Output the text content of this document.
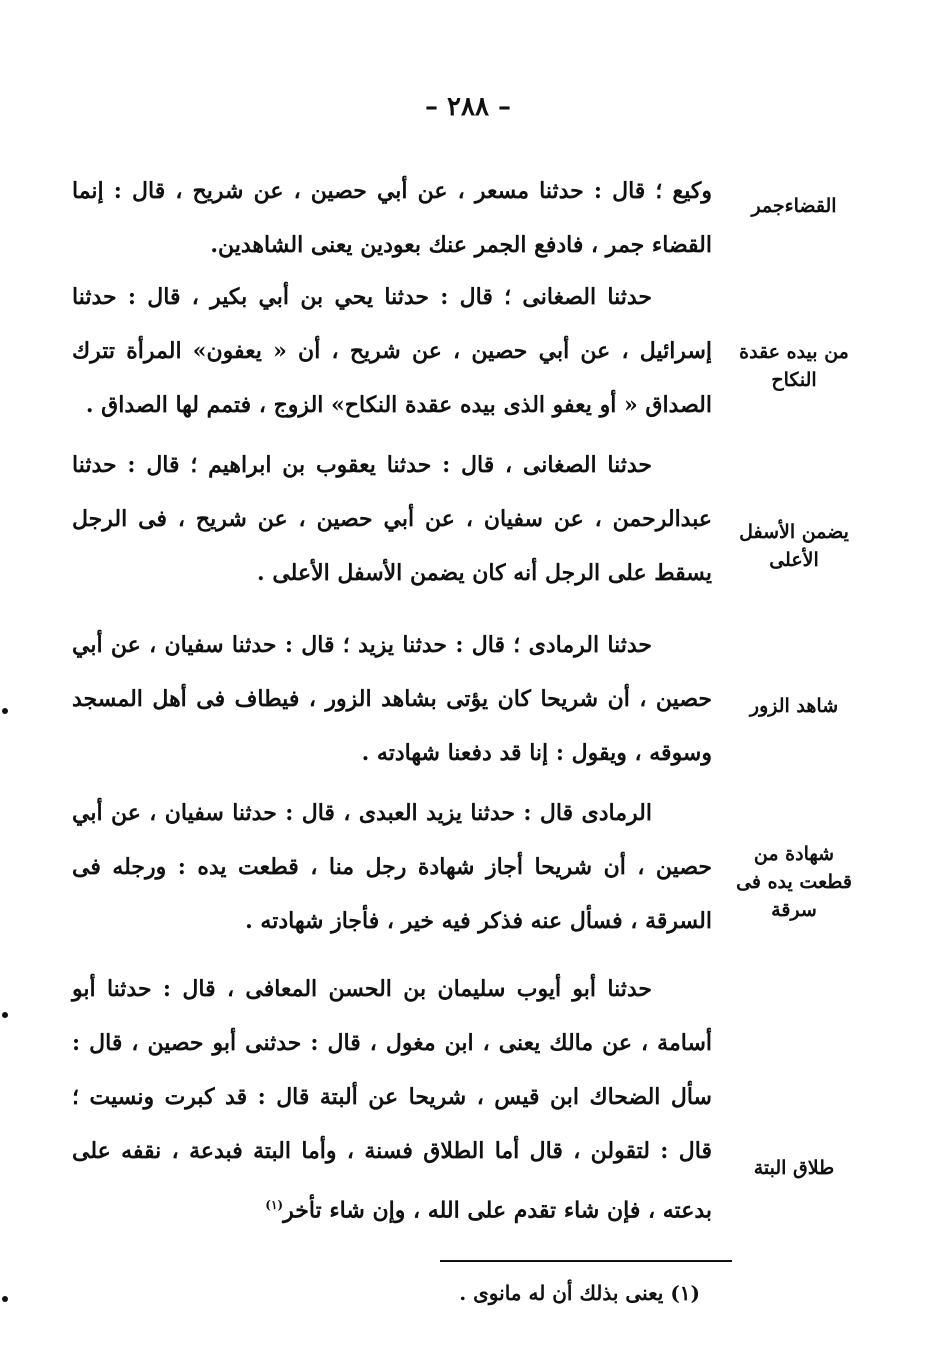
– ٢٨٨ –

وكيع ؛ قال : حدثنا مسعر ، عن أبي حصين ، عن شريح ، قال : إنما القضاء جمر ، فادفع الجمر عنك بعودين يعنى الشاهدين.

القضاءجمر

حدثنا الصغانى ؛ قال : حدثنا يحي بن أبي بكير ، قال : حدثنا إسرائيل ، عن أبي حصين ، عن شريح ، أن « يعفون» المرأة تترك الصداق « أو يعفو الذى بيده عقدة النكاح» الزوج ، فتمم لها الصداق .

من بيده عقدة النكاح

حدثنا الصغانى ، قال : حدثنا يعقوب بن ابراهيم ؛ قال : حدثنا عبدالرحمن ، عن سفيان ، عن أبي حصين ، عن شريح ، فى الرجل يسقط على الرجل أنه كان يضمن الأسفل الأعلى .

يضمن الأسفل الأعلى

حدثنا الرمادى ؛ قال : حدثنا يزيد ؛ قال : حدثنا سفيان ، عن أبي حصين ، أن شريحا كان يؤتى بشاهد الزور ، فيطاف فى أهل المسجد وسوقه ، ويقول : إنا قد دفعنا شهادته .

شاهد الزور

الرمادى قال : حدثنا يزيد العبدى ، قال : حدثنا سفيان ، عن أبي حصين ، أن شريحا أجاز شهادة رجل منا ، قطعت يده : ورجله فى السرقة ، فسأل عنه فذكر فيه خير ، فأجاز شهادته .

شهادة من قطعت يده فى سرقة

حدثنا أبو أيوب سليمان بن الحسن المعافى ، قال : حدثنا أبو أسامة ، عن مالك يعنى ، ابن مغول ، قال : حدثنى أبو حصين ، قال : سأل الضحاك ابن قيس ، شريحا عن ألبتة قال : قد كبرت ونسيت ؛ قال : لتقولن ، قال أما الطلاق فسنة ، وأما البتة فبدعة ، نقفه على بدعته ، فإن شاء تقدم على الله ، وإن شاء تأخر$^{(١)}$

طلاق البتة
(١) يعنى بذلك أن له مانوى .
